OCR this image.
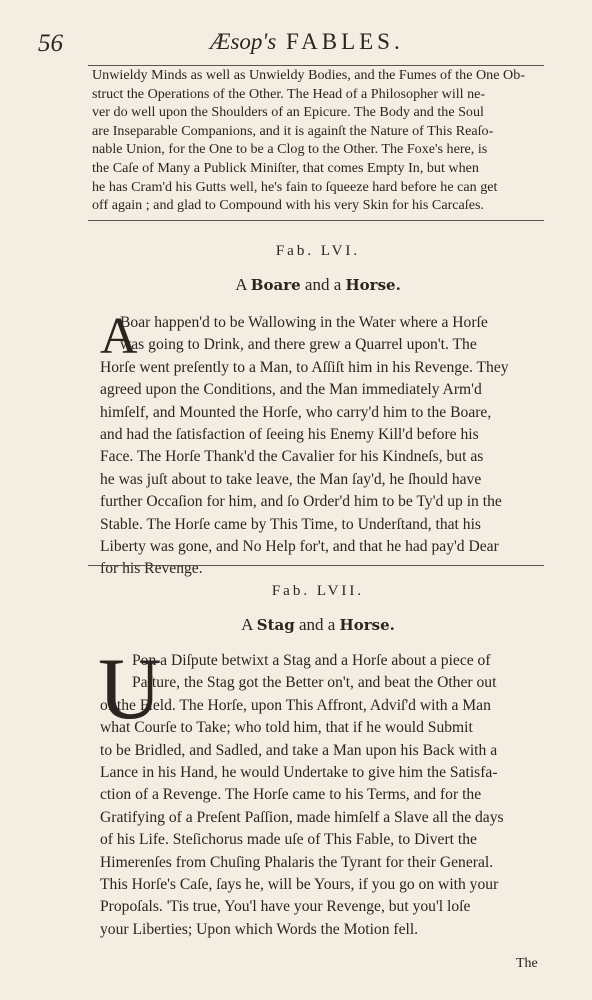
56	Æsop's FABLES.
Unwieldy Minds as well as Unwieldy Bodies, and the Fumes of the One Ob-
struct the Operations of the Other. The Head of a Philosopher will ne-
ver do well upon the Shoulders of an Epicure. The Body and the Soul
are Inseparable Companions, and it is againſt the Nature of This Reaſo-
nable Union, for the One to be a Clog to the Other. The Foxe's here, is
the Caſe of Many a Publick Miniſter, that comes Empty In, but when
he has Cram'd his Gutts well, he's fain to ſqueeze hard before he can get
off again ; and glad to Compound with his very Skin for his Carcaſes.
Fab. LVI.
A Boare and a Horse.
A
Boar happen'd to be Wallowing in the Water where a Horſe
was going to Drink, and there grew a Quarrel upon't. The
Horſe went preſently to a Man, to Aſſiſt him in his Revenge. They
agreed upon the Conditions, and the Man immediately Arm'd
himſelf, and Mounted the Horſe, who carry'd him to the Boare,
and had the ſatisfaction of ſeeing his Enemy Kill'd before his
Face. The Horſe Thank'd the Cavalier for his Kindneſs, but as
he was juſt about to take leave, the Man ſay'd, he ſhould have
further Occaſion for him, and ſo Order'd him to be Ty'd up in the
Stable. The Horſe came by This Time, to Underſtand, that his
Liberty was gone, and No Help for't, and that he had pay'd Dear
for his Revenge.
Fab. LVII.
A Stag and a Horse.
U
Pon a Diſpute betwixt a Stag and a Horſe about a piece of
Paſture, the Stag got the Better on't, and beat the Other out
of the Field. The Horſe, upon This Affront, Adviſ'd with a Man
what Courſe to Take; who told him, that if he would Submit
to be Bridled, and Sadled, and take a Man upon his Back with a
Lance in his Hand, he would Undertake to give him the Satisfa-
ction of a Revenge. The Horſe came to his Terms, and for the
Gratifying of a Preſent Paſſion, made himſelf a Slave all the days
of his Life. Steſichorus made uſe of This Fable, to Divert the
Himerenſes from Chuſing Phalaris the Tyrant for their General.
This Horſe's Caſe, ſays he, will be Yours, if you go on with your
Propoſals. 'Tis true, You'l have your Revenge, but you'l loſe
your Liberties; Upon which Words the Motion fell.
The
